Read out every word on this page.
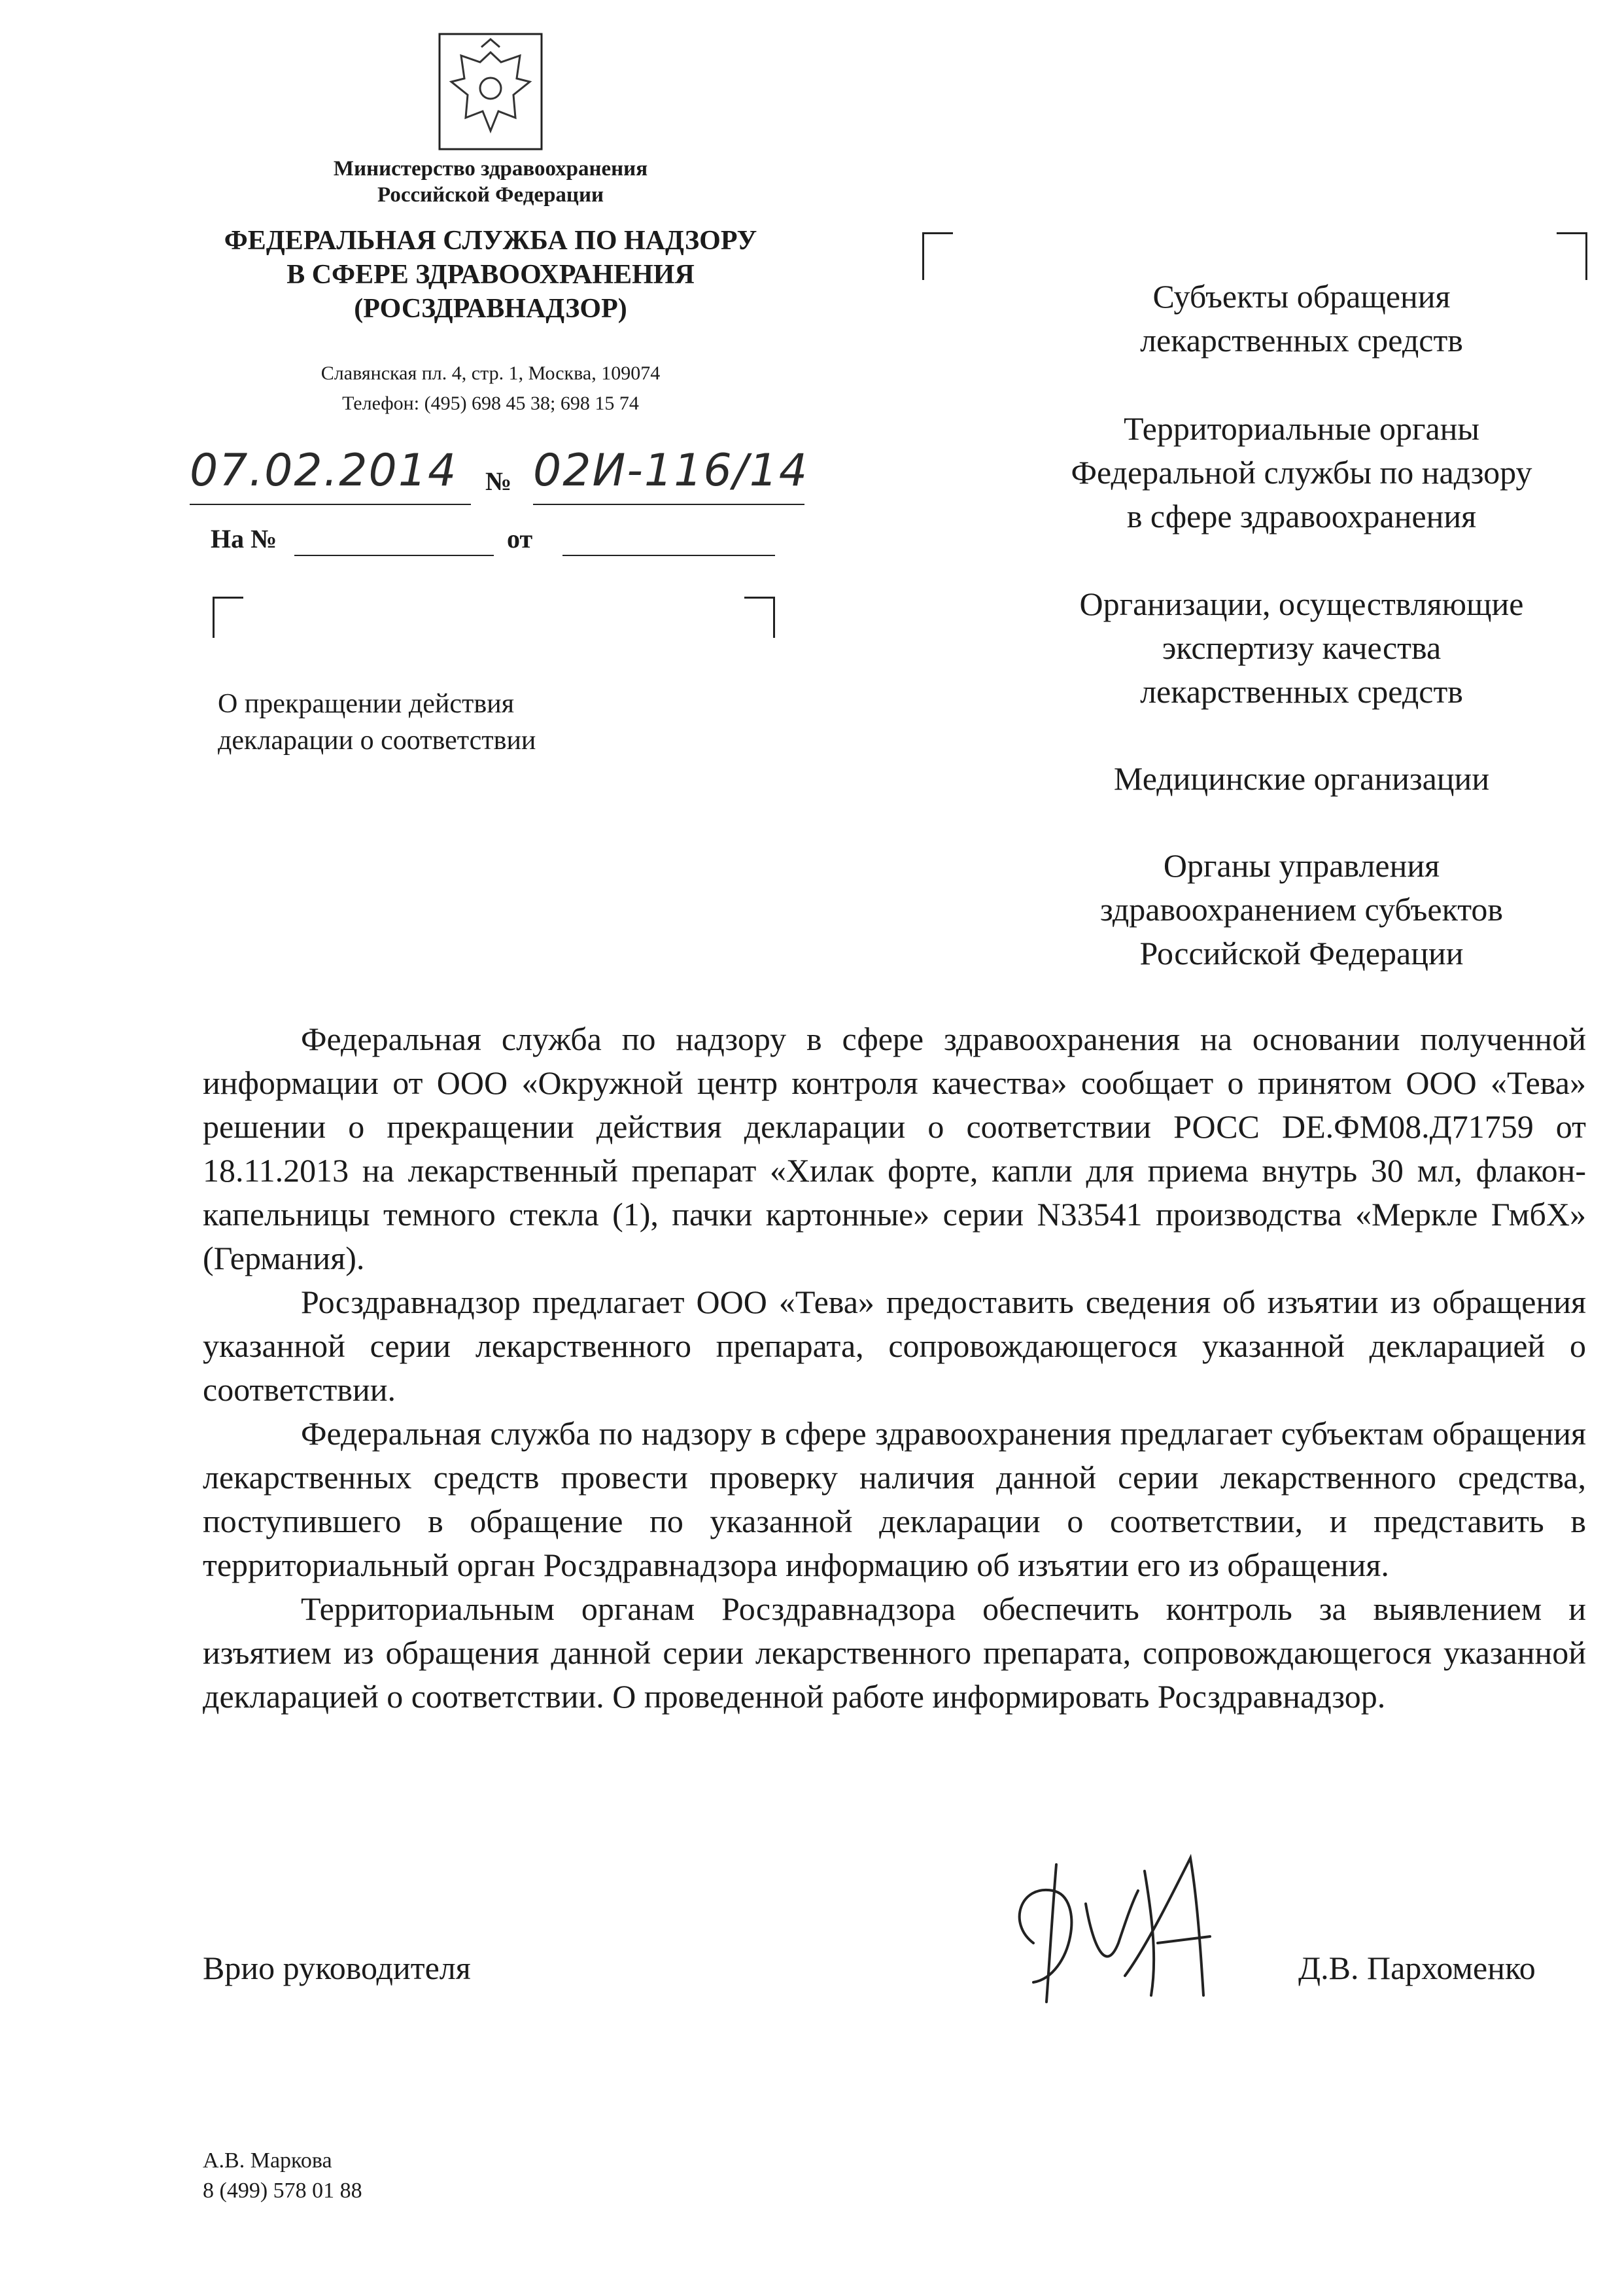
Министерство здравоохранения
Российской Федерации
ФЕДЕРАЛЬНАЯ СЛУЖБА ПО НАДЗОРУ
В СФЕРЕ ЗДРАВООХРАНЕНИЯ
(РОСЗДРАВНАДЗОР)
Славянская пл. 4, стр. 1, Москва, 109074
Телефон: (495) 698 45 38; 698 15 74
07.02.2014	№ 02И-116/14
На №	от
О прекращении действия
декларации о соответствии
Субъекты обращения
лекарственных средств
Территориальные органы
Федеральной службы по надзору
в сфере здравоохранения
Организации, осуществляющие
экспертизу качества
лекарственных средств
Медицинские организации
Органы управления
здравоохранением субъектов
Российской Федерации

Федеральная служба по надзору в сфере здравоохранения на основании полученной информации от ООО «Окружной центр контроля качества» сообщает о принятом ООО «Тева» решении о прекращении действия декларации о соответствии РОСС DE.ФМ08.Д71759 от 18.11.2013 на лекарственный препарат «Хилак форте, капли для приема внутрь 30 мл, флакон-капельницы темного стекла (1), пачки картонные» серии N33541 производства «Меркле ГмбХ» (Германия).

Росздравнадзор предлагает ООО «Тева» предоставить сведения об изъятии из обращения указанной серии лекарственного препарата, сопровождающегося указанной декларацией о соответствии.

Федеральная служба по надзору в сфере здравоохранения предлагает субъектам обращения лекарственных средств провести проверку наличия данной серии лекарственного средства, поступившего в обращение по указанной декларации о соответствии, и представить в территориальный орган Росздравнадзора информацию об изъятии его из обращения.

Территориальным органам Росздравнадзора обеспечить контроль за выявлением и изъятием из обращения данной серии лекарственного препарата, сопровождающегося указанной декларацией о соответствии. О проведенной работе информировать Росздравнадзор.

Врио руководителя	Д.В. Пархоменко
А.В. Маркова
8 (499) 578 01 88
